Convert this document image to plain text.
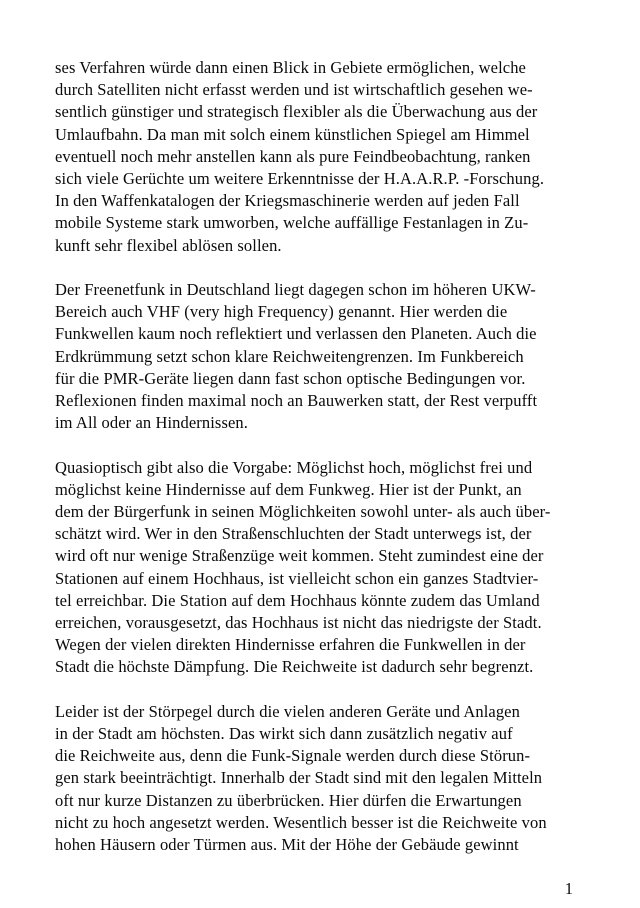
ses Verfahren würde dann einen Blick in Gebiete ermöglichen, welche
durch Satelliten nicht erfasst werden und ist wirtschaftlich gesehen we-
sentlich günstiger und strategisch flexibler als die Überwachung aus der
Umlaufbahn. Da man mit solch einem künstlichen Spiegel am Himmel
eventuell noch mehr anstellen kann als pure Feindbeobachtung, ranken
sich viele Gerüchte um weitere Erkenntnisse der H.A.A.R.P. -Forschung.
In den Waffenkatalogen der Kriegsmaschinerie werden auf jeden Fall
mobile Systeme stark umworben, welche auffällige Festanlagen in Zu-
kunft sehr flexibel ablösen sollen.
Der Freenetfunk in Deutschland liegt dagegen schon im höheren UKW-
Bereich auch VHF (very high Frequency) genannt. Hier werden die
Funkwellen kaum noch reflektiert und verlassen den Planeten. Auch die
Erdkrümmung setzt schon klare Reichweitengrenzen. Im Funkbereich
für die PMR-Geräte liegen dann fast schon optische Bedingungen vor.
Reflexionen finden maximal noch an Bauwerken statt, der Rest verpufft
im All oder an Hindernissen.
Quasioptisch gibt also die Vorgabe: Möglichst hoch, möglichst frei und
möglichst keine Hindernisse auf dem Funkweg. Hier ist der Punkt, an
dem der Bürgerfunk in seinen Möglichkeiten sowohl unter- als auch über-
schätzt wird. Wer in den Straßenschluchten der Stadt unterwegs ist, der
wird oft nur wenige Straßenzüge weit kommen. Steht zumindest eine der
Stationen auf einem Hochhaus, ist vielleicht schon ein ganzes Stadtvier-
tel erreichbar. Die Station auf dem Hochhaus könnte zudem das Umland
erreichen, vorausgesetzt, das Hochhaus ist nicht das niedrigste der Stadt.
Wegen der vielen direkten Hindernisse erfahren die Funkwellen in der
Stadt die höchste Dämpfung. Die Reichweite ist dadurch sehr begrenzt.
Leider ist der Störpegel durch die vielen anderen Geräte und Anlagen
in der Stadt am höchsten. Das wirkt sich dann zusätzlich negativ auf
die Reichweite aus, denn die Funk-Signale werden durch diese Störun-
gen stark beeinträchtigt. Innerhalb der Stadt sind mit den legalen Mitteln
oft nur kurze Distanzen zu überbrücken. Hier dürfen die Erwartungen
nicht zu hoch angesetzt werden. Wesentlich besser ist die Reichweite von
hohen Häusern oder Türmen aus. Mit der Höhe der Gebäude gewinnt
1
